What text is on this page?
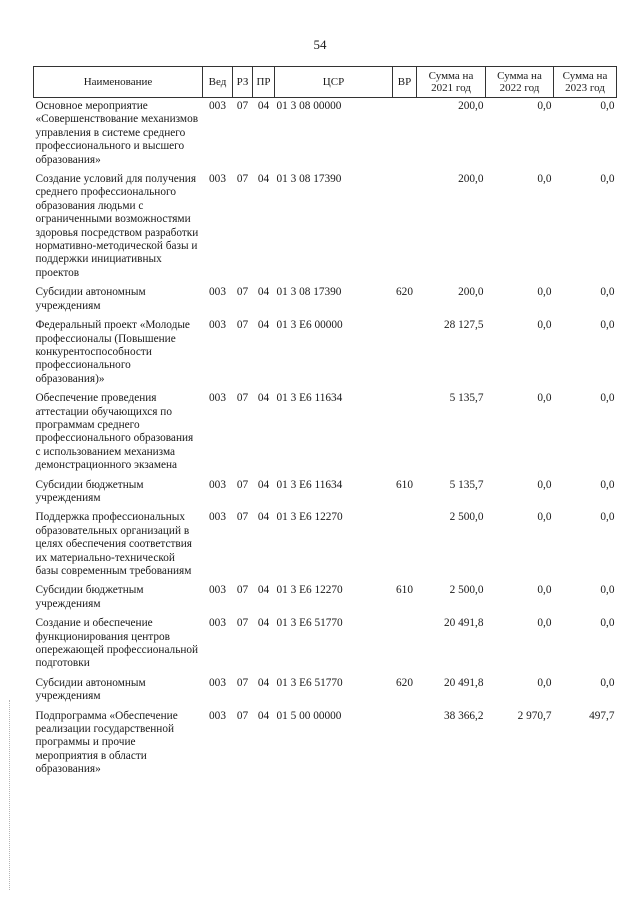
54
Наименование	Вед	РЗ	ПР	ЦСР	ВР	Сумма на 2021 год	Сумма на 2022 год	Сумма на 2023 год
Основное мероприятие «Совершенствование механизмов управления в системе среднего профессионального и высшего образования»	003	07	04	01 3 08 00000		200,0	0,0	0,0
Создание условий для получения среднего профессионального образования людьми с ограниченными возможностями здоровья посредством разработки нормативно-методической базы и поддержки инициативных проектов	003	07	04	01 3 08 17390		200,0	0,0	0,0
Субсидии автономным учреждениям	003	07	04	01 3 08 17390	620	200,0	0,0	0,0
Федеральный проект «Молодые профессионалы (Повышение конкурентоспособности профессионального образования)»	003	07	04	01 3 E6 00000		28 127,5	0,0	0,0
Обеспечение проведения аттестации обучающихся по программам среднего профессионального образования с использованием механизма демонстрационного экзамена	003	07	04	01 3 E6 11634		5 135,7	0,0	0,0
Субсидии бюджетным учреждениям	003	07	04	01 3 E6 11634	610	5 135,7	0,0	0,0
Поддержка профессиональных образовательных организаций в целях обеспечения соответствия их материально-технической базы современным требованиям	003	07	04	01 3 E6 12270		2 500,0	0,0	0,0
Субсидии бюджетным учреждениям	003	07	04	01 3 E6 12270	610	2 500,0	0,0	0,0
Создание и обеспечение функционирования центров опережающей профессиональной подготовки	003	07	04	01 3 E6 51770		20 491,8	0,0	0,0
Субсидии автономным учреждениям	003	07	04	01 3 E6 51770	620	20 491,8	0,0	0,0
Подпрограмма «Обеспечение реализации государственной программы и прочие мероприятия в области образования»	003	07	04	01 5 00 00000		38 366,2	2 970,7	497,7
